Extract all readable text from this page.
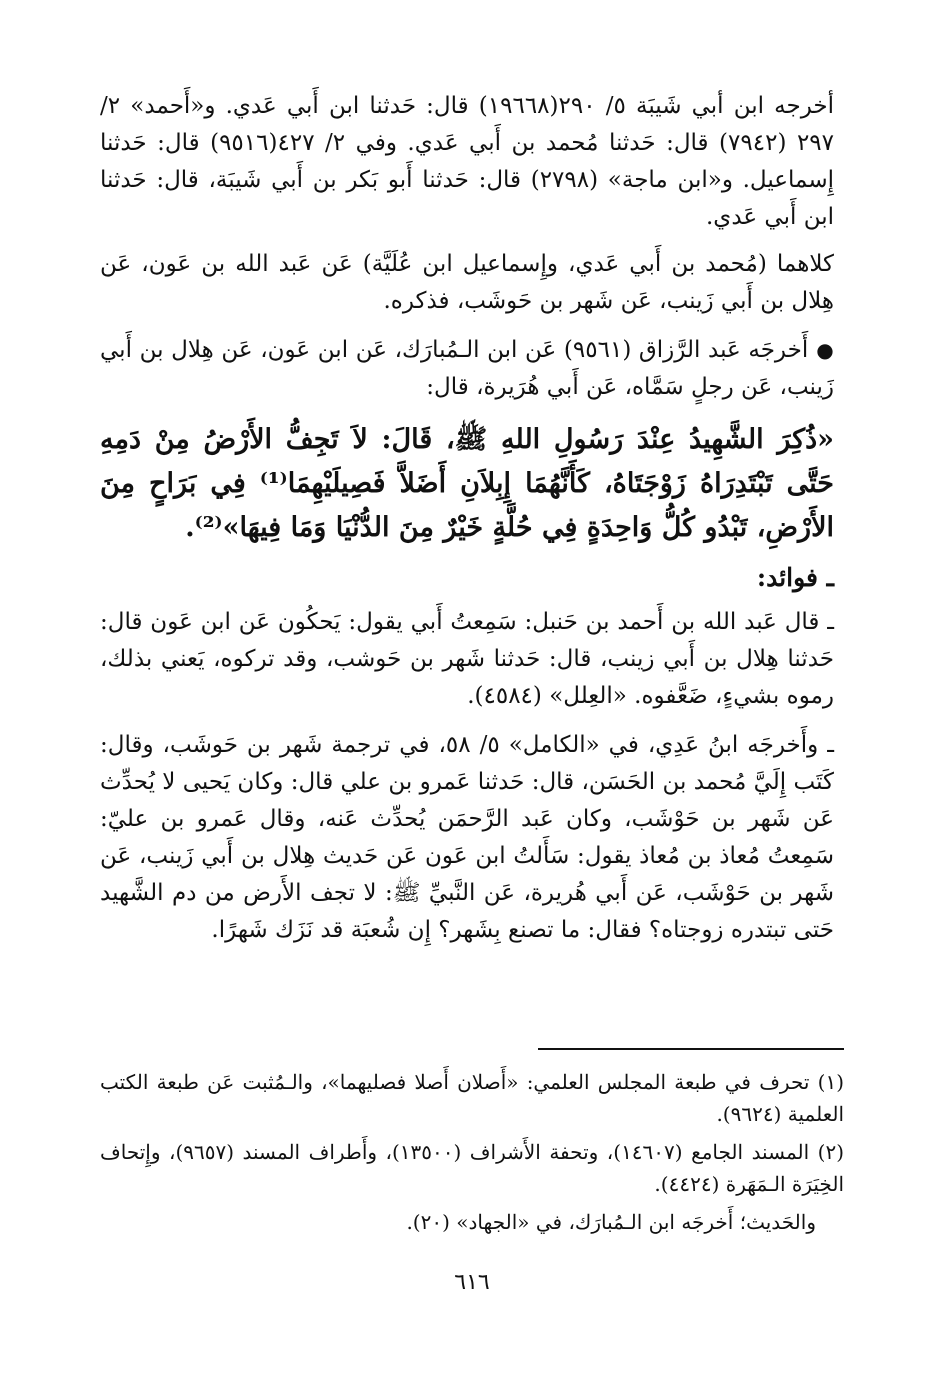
أخرجه ابن أبي شَيبَة ٥/ ٢٩٠(١٩٦٦٨) قال: حَدثنا ابن أَبي عَدي. و«أَحمد» ٢/ ٢٩٧ (٧٩٤٢) قال: حَدثنا مُحمد بن أَبي عَدي. وفي ٢/ ٤٢٧(٩٥١٦) قال: حَدثنا إِسماعيل. و«ابن ماجة» (٢٧٩٨) قال: حَدثنا أَبو بَكر بن أَبي شَيبَة، قال: حَدثنا ابن أَبي عَدي.

كلاهما (مُحمد بن أَبي عَدي، وإِسماعيل ابن عُلَيَّة) عَن عَبد الله بن عَون، عَن هِلال بن أَبي زَينب، عَن شَهر بن حَوشَب، فذكره.

●أَخرجَه عَبد الرَّزاق (٩٥٦١) عَن ابن الـمُبارَك، عَن ابن عَون، عَن هِلال بن أَبي زَينب، عَن رجلٍ سَمَّاه، عَن أَبي هُرَيرة، قال:

«ذُكِرَ الشَّهِيدُ عِنْدَ رَسُولِ اللهِ ﷺ، قَالَ: لاَ تَجِفُّ الأَرْضُ مِنْ دَمِهِ حَتَّى تَبْتَدِرَاهُ زَوْجَتَاهُ، كَأَنَّهُمَا إِبِلاَنِ أَضَلاَّ فَصِيلَيْهِمَا⁽¹⁾ فِي بَرَاحٍ مِنَ الأَرْضِ، تَبْدُو كُلُّ وَاحِدَةٍ فِي حُلَّةٍ خَيْرٌ مِنَ الدُّنْيَا وَمَا فِيهَا»⁽²⁾.

ـ فوائد:

ـ قال عَبد الله بن أَحمد بن حَنبل: سَمِعتُ أَبي يقول: يَحكُون عَن ابن عَون قال: حَدثنا هِلال بن أَبي زينب، قال: حَدثنا شَهر بن حَوشب، وقد تركوه، يَعني بذلك، رموه بشيءٍ، ضَعَّفوه. «العِلل» (٤٥٨٤).

ـ وأَخرجَه ابنُ عَدِي، في «الكامل» ٥/ ٥٨، في ترجمة شَهر بن حَوشَب، وقال: كَتَب إِلَيَّ مُحمد بن الحَسَن، قال: حَدثنا عَمرو بن علي قال: وكان يَحيى لا يُحدِّث عَن شَهر بن حَوْشَب، وكان عَبد الرَّحمَن يُحدِّث عَنه، وقال عَمرو بن عليّ: سَمِعتُ مُعاذ بن مُعاذ يقول: سَأَلتُ ابن عَون عَن حَديث هِلال بن أَبي زَينب، عَن شَهر بن حَوْشَب، عَن أَبي هُريرة، عَن النَّبيِّ ﷺ: لا تجف الأَرض من دم الشَّهيد حَتى تبتدره زوجتاه؟ فقال: ما تصنع بِشَهر؟ إِن شُعبَة قد نَزَك شَهرًا.

(١) تحرف في طبعة المجلس العلمي: «أَصلان أَصلا فصليهما»، والـمُثبت عَن طبعة الكتب العلمية (٩٦٢٤).

(٢) المسند الجامع (١٤٦٠٧)، وتحفة الأَشراف (١٣٥٠٠)، وأَطراف المسند (٩٦٥٧)، وإِتحاف الخِيَرَة الـمَهَرة (٤٤٢٤).

والحَديث؛ أَخرجَه ابن الـمُبارَك، في «الجهاد» (٢٠).

٦١٦
